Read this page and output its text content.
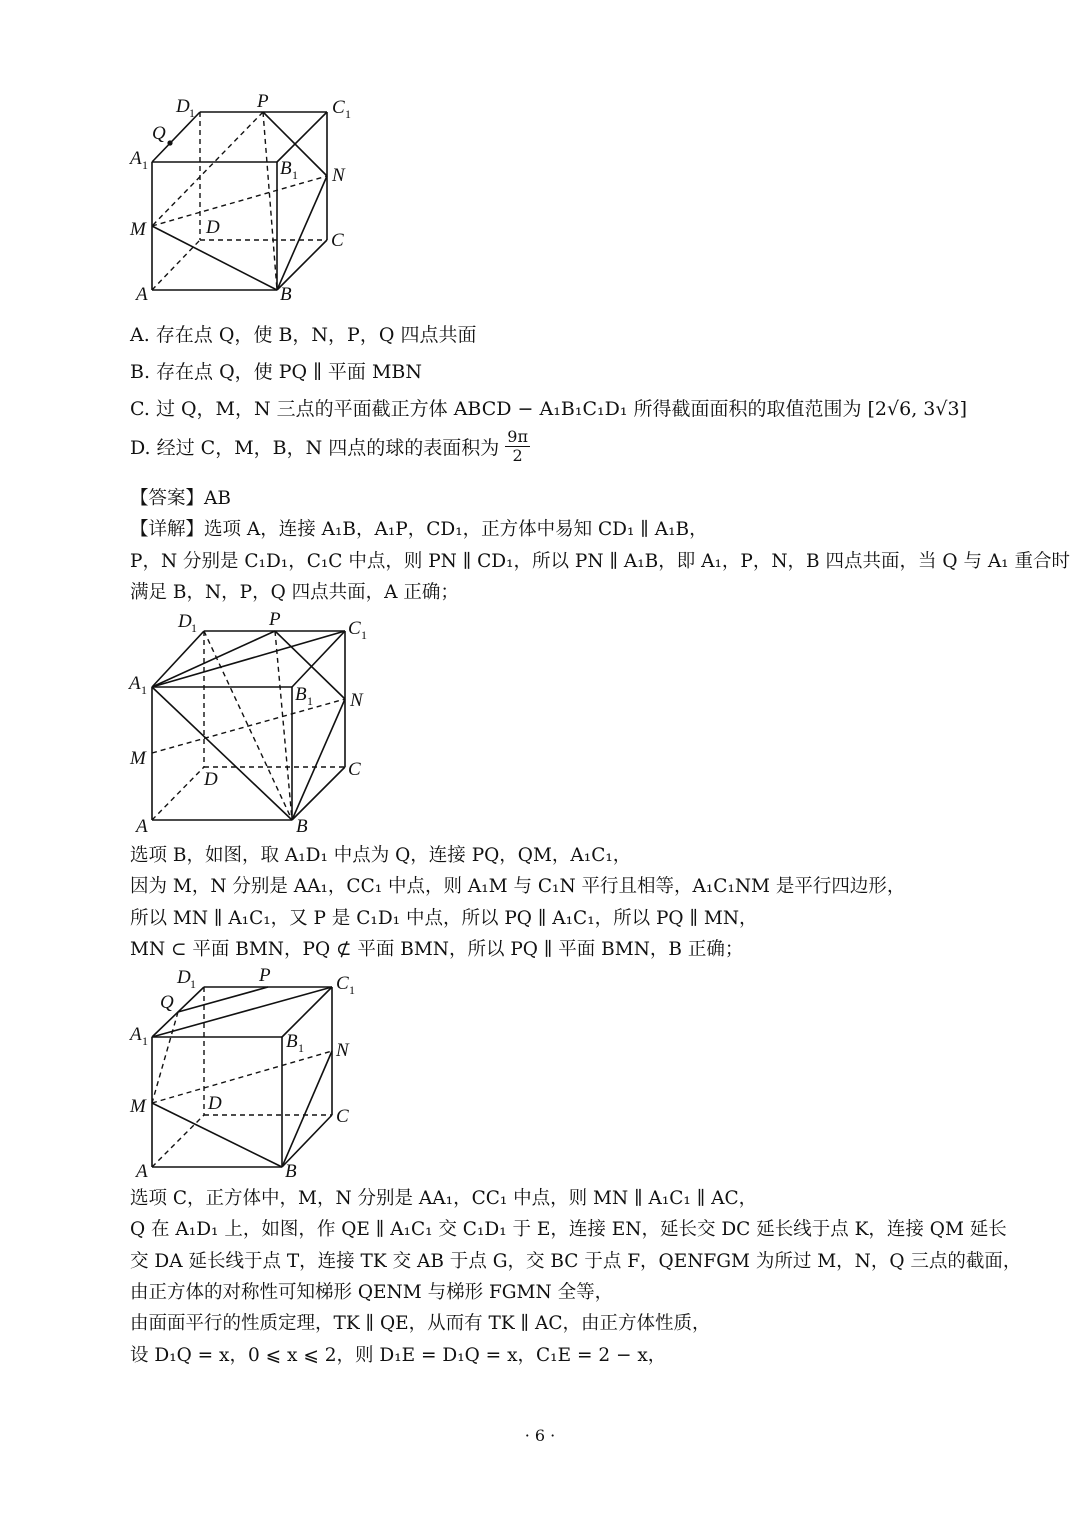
D 1
P	C 1
Q
A 1	B 1 N
M	D
C
A	B
A. 存在点 Q，使 B，N，P，Q 四点共面
B. 存在点 Q，使 PQ ∥ 平面 MBN
C. 过 Q，M，N 三点的平面截正方体 ABCD − A₁B₁C₁D₁ 所得截面面积的取值范围为 [2√6, 3√3]
D. 经过 C，M，B，N 四点的球的表面积为 $\frac{9\pi}{2}$
【答案】AB
【详解】选项 A，连接 A₁B，A₁P，CD₁，正方体中易知 CD₁ ∥ A₁B，
P，N 分别是 C₁D₁，C₁C 中点，则 PN ∥ CD₁，所以 PN ∥ A₁B，即 A₁，P，N，B 四点共面，当 Q 与 A₁ 重合时
满足 B，N，P，Q 四点共面，A 正确；
D 1	P	C 1
A 1	B 1 N
M
D	C
A	B
选项 B，如图，取 A₁D₁ 中点为 Q，连接 PQ，QM，A₁C₁，
因为 M，N 分别是 AA₁，CC₁ 中点，则 A₁M 与 C₁N 平行且相等，A₁C₁NM 是平行四边形，
所以 MN ∥ A₁C₁，又 P 是 C₁D₁ 中点，所以 PQ ∥ A₁C₁，所以 PQ ∥ MN，
MN ⊂ 平面 BMN，PQ ⊄ 平面 BMN，所以 PQ ∥ 平面 BMN，B 正确；
D 1	P	C 1
Q
A 1	B 1 N
M	D
C
A	B
选项 C，正方体中，M，N 分别是 AA₁，CC₁ 中点，则 MN ∥ A₁C₁ ∥ AC，
Q 在 A₁D₁ 上，如图，作 QE ∥ A₁C₁ 交 C₁D₁ 于 E，连接 EN，延长交 DC 延长线于点 K，连接 QM 延长
交 DA 延长线于点 T，连接 TK 交 AB 于点 G，交 BC 于点 F，QENFGM 为所过 M，N，Q 三点的截面，
由正方体的对称性可知梯形 QENM 与梯形 FGMN 全等，
由面面平行的性质定理，TK ∥ QE，从而有 TK ∥ AC，由正方体性质，
设 D₁Q = x，0 ⩽ x ⩽ 2，则 D₁E = D₁Q = x，C₁E = 2 − x，
· 6 ·
